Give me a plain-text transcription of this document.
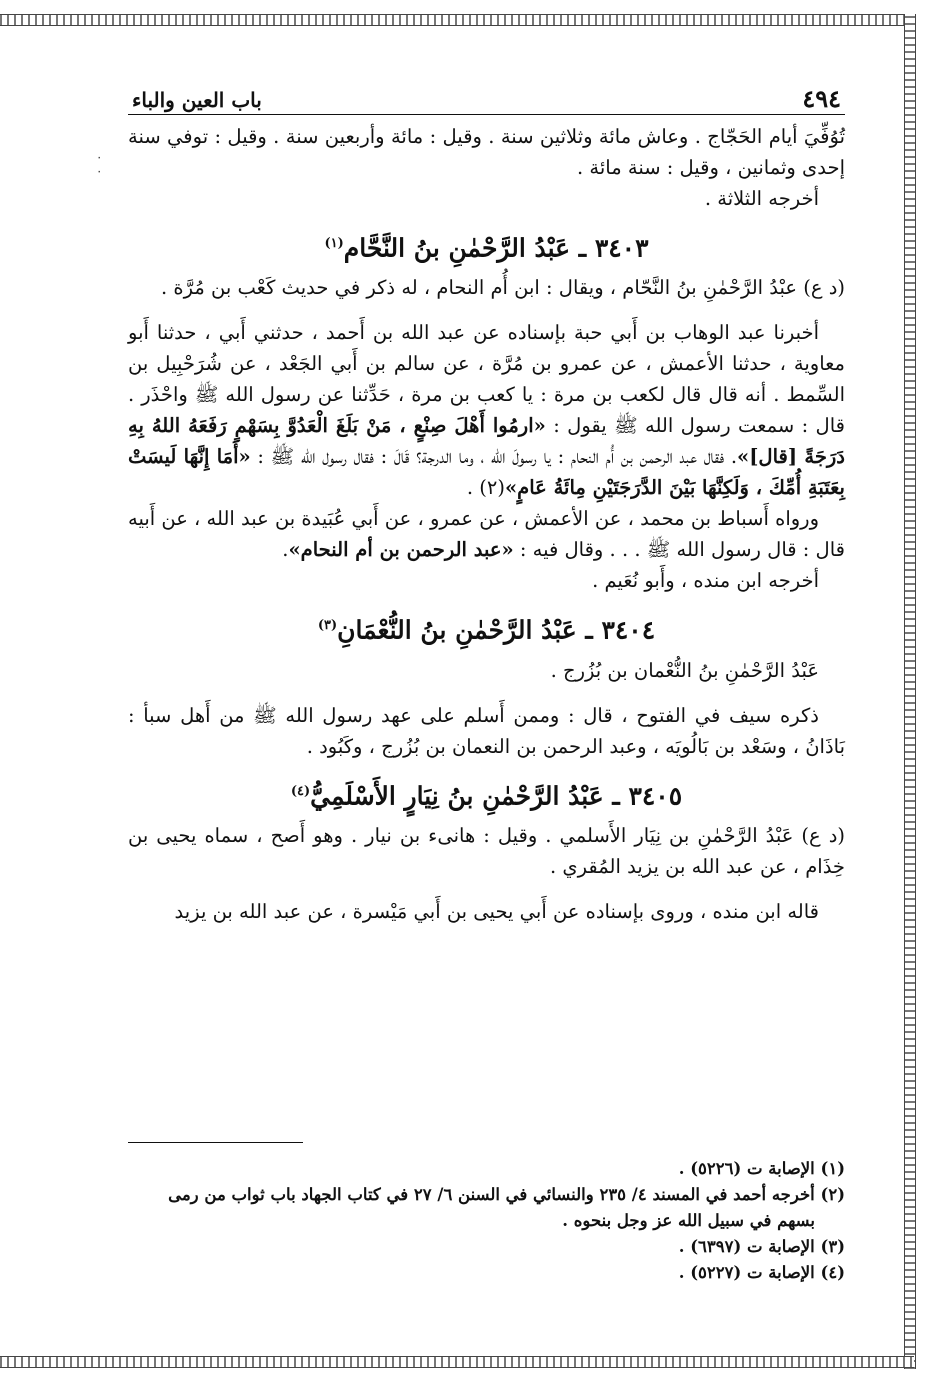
٠
٠
٤٩٤
باب العين والباء

تُوُفِّيَ أيام الحَجّاج . وعاش مائة وثلاثين سنة . وقيل : مائة وأربعين سنة . وقيل : توفي سنة إحدى وثمانين ، وقيل : سنة مائة .

أخرجه الثلاثة .

٣٤٠٣ ـ عَبْدُ الرَّحْمٰنِ بنُ النَّحَّام$^{(١)}$

(د ع) عبْدُ الرَّحْمٰنِ بنُ النَّحّام ، ويقال : ابن أُم النحام ، له ذكر في حديث كَعْب بن مُرَّة .

أخبرنا عبد الوهاب بن أَبي حبة بإسناده عن عبد الله بن أَحمد ، حدثني أَبي ، حدثنا أَبو معاوية ، حدثنا الأعمش ، عن عمرو بن مُرَّة ، عن سالم بن أَبي الجَعْد ، عن شُرَحْبِيل بن السِّمط . أنه قال قال لكعب بن مرة : يا كعب بن مرة ، حَدِّثنا عن رسول الله ﷺ واحْذَر . قال : سمعت رسول الله ﷺ يقول : «ارمُوا أَهْلَ صِنْعٍ ، مَنْ بَلَغَ الْعَدُوَّ بِسَهْمٍ رَفَعَهُ اللهُ بِهِ دَرَجَةً [قال]». فقال عبد الرحمن بن أُم النحام : يا رسولَ الله ، وما الدرجة؟ قَالَ : فقال رسول الله ﷺ : «أَمَا إِنَّهَا لَيسَتْ بِعَتَبَةِ أُمِّكَ ، وَلَكِنَّهَا بَيْنَ الدَّرَجَتَيْنِ مِائَةُ عَامٍ»(٢) .

ورواه أَسباط بن محمد ، عن الأعمش ، عن عمرو ، عن أَبي عُبَيدة بن عبد الله ، عن أَبيه قال : قال رسول الله ﷺ . . . وقال فيه : «عبد الرحمن بن أم النحام».

أخرجه ابن منده ، وأَبو نُعَيم .

٣٤٠٤ ـ عَبْدُ الرَّحْمٰنِ بنُ النُّعْمَانِ$^{(٣)}$

عَبْدُ الرَّحْمٰنِ بنُ النُّعْمان بن بُزُرج .

ذكره سيف في الفتوح ، قال : وممن أَسلم على عهد رسول الله ﷺ من أَهل سبأ : بَاذَانُ ، وسَعْد بن بَالُويَه ، وعبد الرحمن بن النعمان بن بُزُرج ، وكَبُود .

٣٤٠٥ ـ عَبْدُ الرَّحْمٰنِ بنُ نِيَارٍ الأَسْلَمِيُّ$^{(٤)}$

(د ع) عَبْدُ الرَّحْمٰنِ بن نِيَار الأَسلمي . وقيل : هانىء بن نيار . وهو أَصح ، سماه يحيى بن خِذَام ، عن عبد الله بن يزيد المُقري .

قاله ابن منده ، وروى بإسناده عن أَبي يحيى بن أَبي مَيْسرة ، عن عبد الله بن يزيد

(١) الإصابة ت (٥٢٢٦) .

(٢) أخرجه أحمد في المسند ٤/ ٢٣٥ والنسائي في السنن ٦/ ٢٧ في كتاب الجهاد باب ثواب من رمى

بسهم في سبيل الله عز وجل بنحوه .

(٣) الإصابة ت (٦٣٩٧) .

(٤) الإصابة ت (٥٢٢٧) .
